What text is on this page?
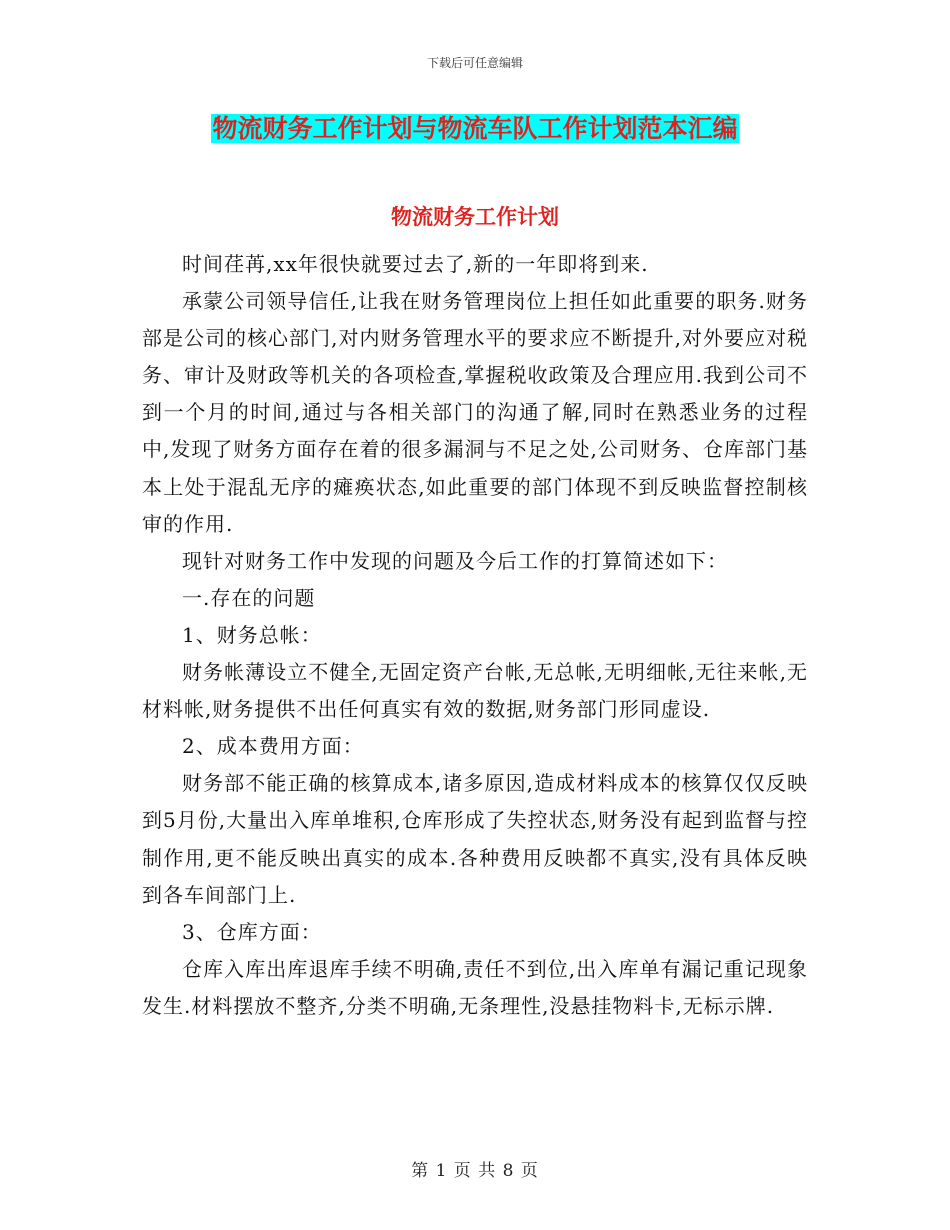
下载后可任意编辑
物流财务工作计划与物流车队工作计划范本汇编
物流财务工作计划

时间荏苒,xx年很快就要过去了,新的一年即将到来.

承蒙公司领导信任,让我在财务管理岗位上担任如此重要的职务.财务部是公司的核心部门,对内财务管理水平的要求应不断提升,对外要应对税务、审计及财政等机关的各项检查,掌握税收政策及合理应用.我到公司不到一个月的时间,通过与各相关部门的沟通了解,同时在熟悉业务的过程中,发现了财务方面存在着的很多漏洞与不足之处,公司财务、仓库部门基本上处于混乱无序的瘫痪状态,如此重要的部门体现不到反映监督控制核审的作用.

现针对财务工作中发现的问题及今后工作的打算简述如下：

一.存在的问题

1、财务总帐：

财务帐薄设立不健全,无固定资产台帐,无总帐,无明细帐,无往来帐,无材料帐,财务提供不出任何真实有效的数据,财务部门形同虚设.

2、成本费用方面：

财务部不能正确的核算成本,诸多原因,造成材料成本的核算仅仅反映到5月份,大量出入库单堆积,仓库形成了失控状态,财务没有起到监督与控制作用,更不能反映出真实的成本.各种费用反映都不真实,没有具体反映到各车间部门上.

3、仓库方面：

仓库入库出库退库手续不明确,责任不到位,出入库单有漏记重记现象发生.材料摆放不整齐,分类不明确,无条理性,没悬挂物料卡,无标示牌.

第 1 页 共 8 页
